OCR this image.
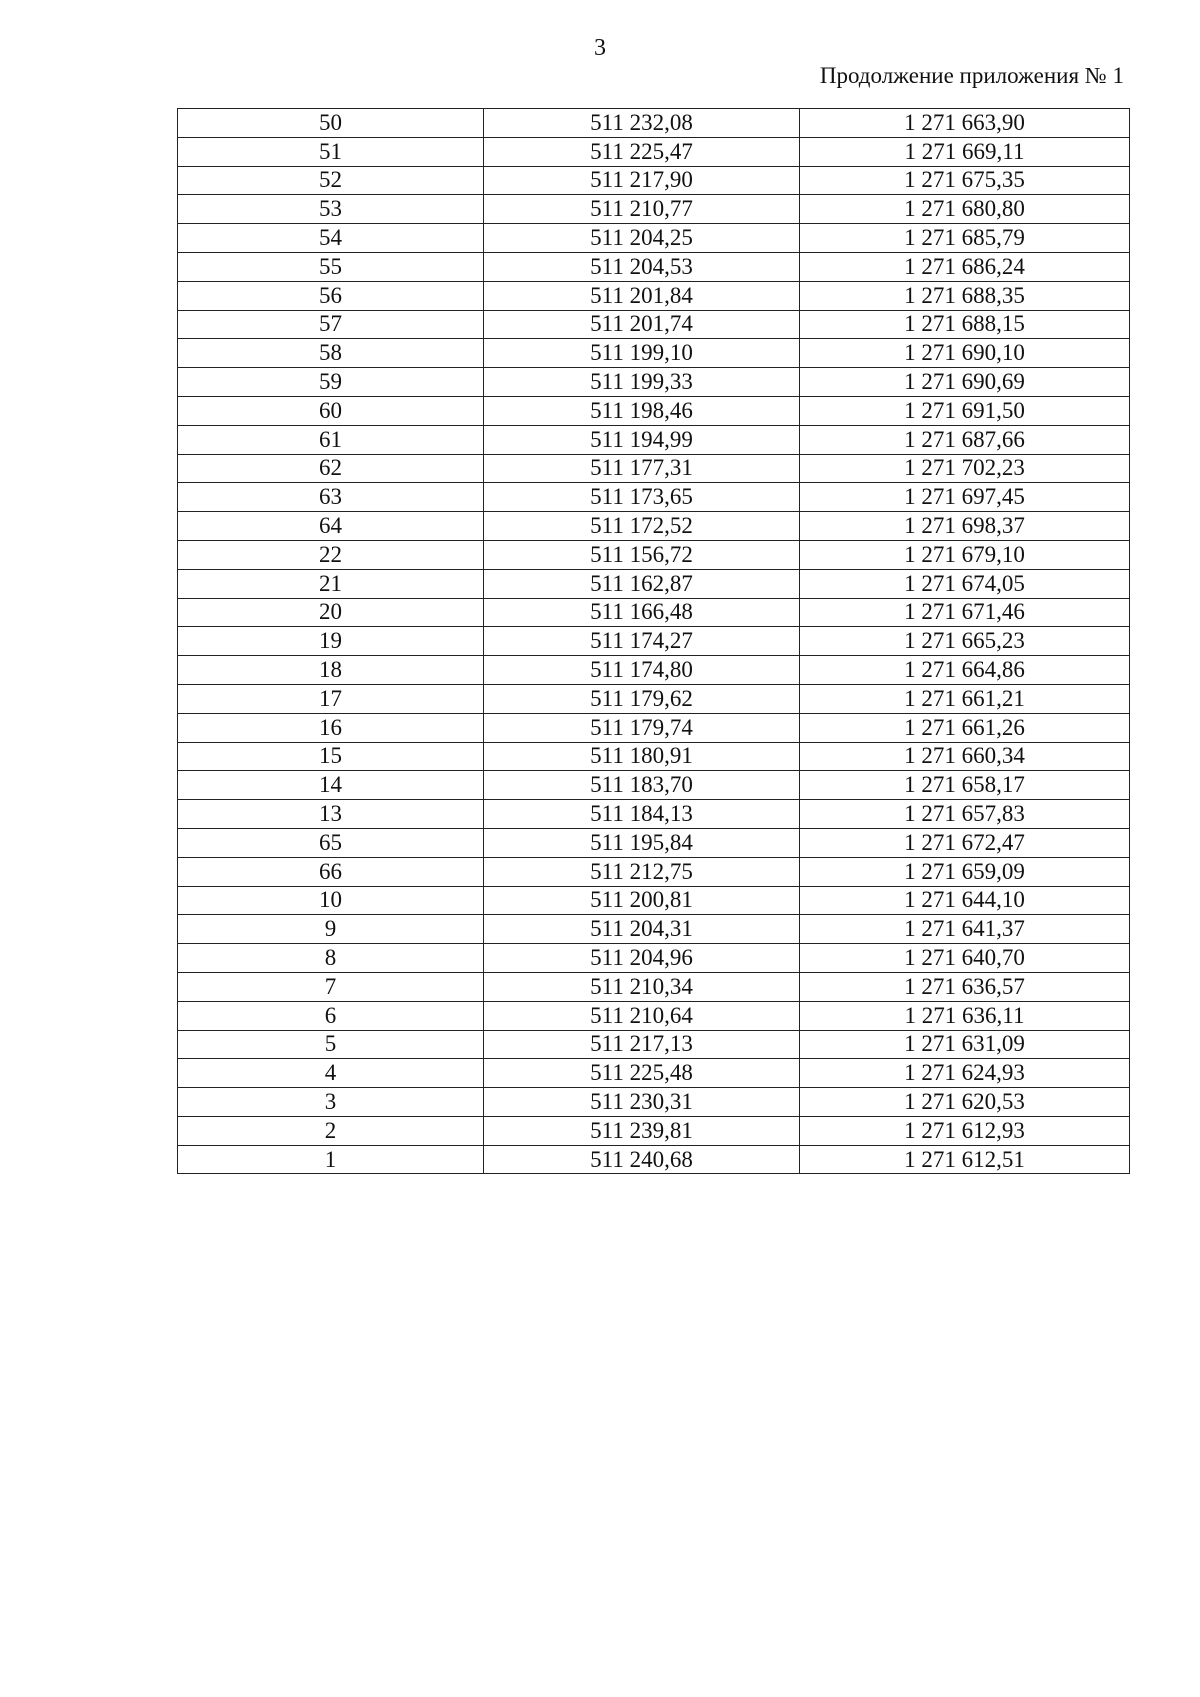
3
Продолжение приложения № 1
50	511 232,08	1 271 663,90
51	511 225,47	1 271 669,11
52	511 217,90	1 271 675,35
53	511 210,77	1 271 680,80
54	511 204,25	1 271 685,79
55	511 204,53	1 271 686,24
56	511 201,84	1 271 688,35
57	511 201,74	1 271 688,15
58	511 199,10	1 271 690,10
59	511 199,33	1 271 690,69
60	511 198,46	1 271 691,50
61	511 194,99	1 271 687,66
62	511 177,31	1 271 702,23
63	511 173,65	1 271 697,45
64	511 172,52	1 271 698,37
22	511 156,72	1 271 679,10
21	511 162,87	1 271 674,05
20	511 166,48	1 271 671,46
19	511 174,27	1 271 665,23
18	511 174,80	1 271 664,86
17	511 179,62	1 271 661,21
16	511 179,74	1 271 661,26
15	511 180,91	1 271 660,34
14	511 183,70	1 271 658,17
13	511 184,13	1 271 657,83
65	511 195,84	1 271 672,47
66	511 212,75	1 271 659,09
10	511 200,81	1 271 644,10
9	511 204,31	1 271 641,37
8	511 204,96	1 271 640,70
7	511 210,34	1 271 636,57
6	511 210,64	1 271 636,11
5	511 217,13	1 271 631,09
4	511 225,48	1 271 624,93
3	511 230,31	1 271 620,53
2	511 239,81	1 271 612,93
1	511 240,68	1 271 612,51
